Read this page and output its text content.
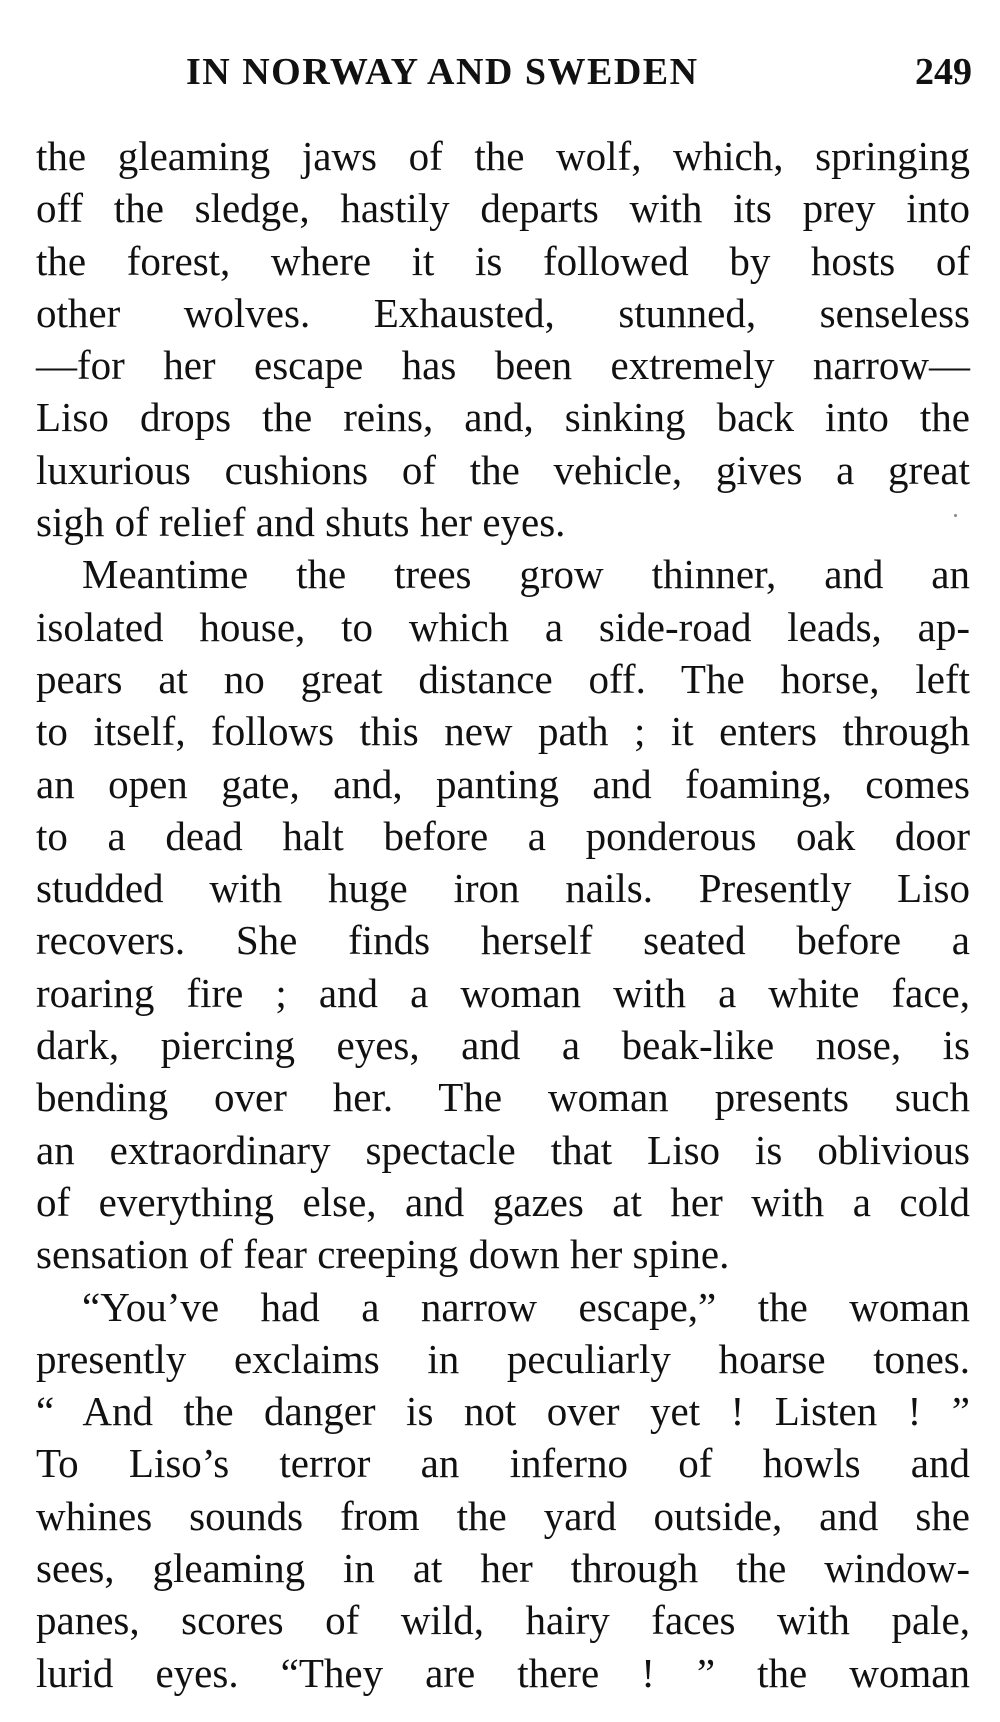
IN NORWAY AND SWEDEN	249
the gleaming jaws of the wolf, which, springing
off the sledge, hastily departs with its prey into
the forest, where it is followed by hosts of
other wolves. Exhausted, stunned, senseless
—for her escape has been extremely narrow—
Liso drops the reins, and, sinking back into the
luxurious cushions of the vehicle, gives a great
sigh of relief and shuts her eyes.
Meantime the trees grow thinner, and an
isolated house, to which a side-road leads, ap-
pears at no great distance off. The horse, left
to itself, follows this new path ; it enters through
an open gate, and, panting and foaming, comes
to a dead halt before a ponderous oak door
studded with huge iron nails. Presently Liso
recovers. She finds herself seated before a
roaring fire ; and a woman with a white face,
dark, piercing eyes, and a beak-like nose, is
bending over her. The woman presents such
an extraordinary spectacle that Liso is oblivious
of everything else, and gazes at her with a cold
sensation of fear creeping down her spine.
“You’ve had a narrow escape,” the woman
presently exclaims in peculiarly hoarse tones.
“ And the danger is not over yet ! Listen ! ”
To Liso’s terror an inferno of howls and
whines sounds from the yard outside, and she
sees, gleaming in at her through the window-
panes, scores of wild, hairy faces with pale,
lurid eyes. “They are there ! ” the woman
